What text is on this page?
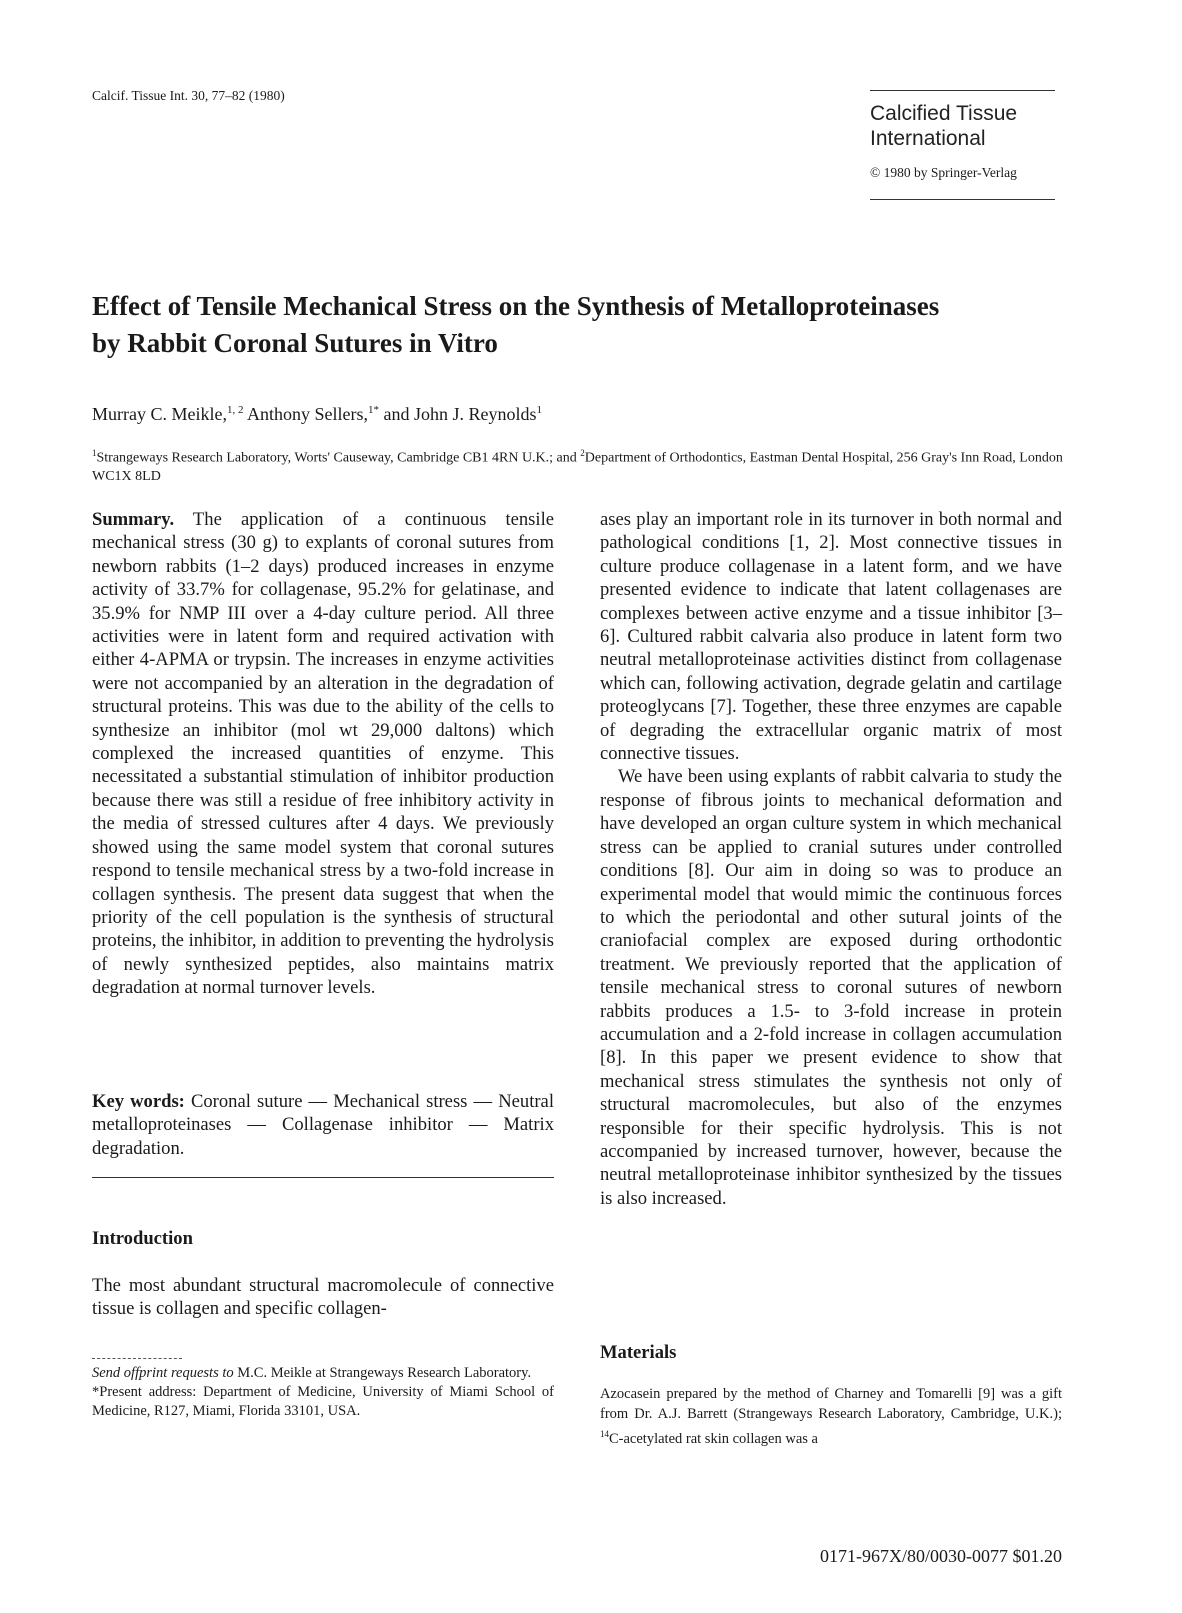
Calcif. Tissue Int. 30, 77–82 (1980)
Calcified Tissue
International
© 1980 by Springer-Verlag
Effect of Tensile Mechanical Stress on the Synthesis of Metalloproteinases
by Rabbit Coronal Sutures in Vitro
Murray C. Meikle,$^{1, 2}$ Anthony Sellers,$^{1*}$ and John J. Reynolds$^1$
$^1$Strangeways Research Laboratory, Worts' Causeway, Cambridge CB1 4RN U.K.; and $^2$Department of Orthodontics, Eastman Dental Hospital, 256 Gray's Inn Road, London WC1X 8LD

Summary. The application of a continuous tensile mechanical stress (30 g) to explants of coronal sutures from newborn rabbits (1–2 days) produced increases in enzyme activity of 33.7% for collagenase, 95.2% for gelatinase, and 35.9% for NMP III over a 4-day culture period. All three activities were in latent form and required activation with either 4-APMA or trypsin. The increases in enzyme activities were not accompanied by an alteration in the degradation of structural proteins. This was due to the ability of the cells to synthesize an inhibitor (mol wt 29,000 daltons) which complexed the increased quantities of enzyme. This necessitated a substantial stimulation of inhibitor production because there was still a residue of free inhibitory activity in the media of stressed cultures after 4 days. We previously showed using the same model system that coronal sutures respond to tensile mechanical stress by a two-fold increase in collagen synthesis. The present data suggest that when the priority of the cell population is the synthesis of structural proteins, the inhibitor, in addition to preventing the hydrolysis of newly synthesized peptides, also maintains matrix degradation at normal turnover levels.

Key words: Coronal suture — Mechanical stress — Neutral metalloproteinases — Collagenase inhibitor — Matrix degradation.

Introduction

The most abundant structural macromolecule of connective tissue is collagen and specific collagen-

Send offprint requests to M.C. Meikle at Strangeways Research Laboratory.

*Present address: Department of Medicine, University of Miami School of Medicine, R127, Miami, Florida 33101, USA.

ases play an important role in its turnover in both normal and pathological conditions [1, 2]. Most connective tissues in culture produce collagenase in a latent form, and we have presented evidence to indicate that latent collagenases are complexes between active enzyme and a tissue inhibitor [3–6]. Cultured rabbit calvaria also produce in latent form two neutral metalloproteinase activities distinct from collagenase which can, following activation, degrade gelatin and cartilage proteoglycans [7]. Together, these three enzymes are capable of degrading the extracellular organic matrix of most connective tissues.

We have been using explants of rabbit calvaria to study the response of fibrous joints to mechanical deformation and have developed an organ culture system in which mechanical stress can be applied to cranial sutures under controlled conditions [8]. Our aim in doing so was to produce an experimental model that would mimic the continuous forces to which the periodontal and other sutural joints of the craniofacial complex are exposed during orthodontic treatment. We previously reported that the application of tensile mechanical stress to coronal sutures of newborn rabbits produces a 1.5- to 3-fold increase in protein accumulation and a 2-fold increase in collagen accumulation [8]. In this paper we present evidence to show that mechanical stress stimulates the synthesis not only of structural macromolecules, but also of the enzymes responsible for their specific hydrolysis. This is not accompanied by increased turnover, however, because the neutral metalloproteinase inhibitor synthesized by the tissues is also increased.

Materials
Azocasein prepared by the method of Charney and Tomarelli [9] was a gift from Dr. A.J. Barrett (Strangeways Research Laboratory, Cambridge, U.K.); $^{14}$C-acetylated rat skin collagen was a
0171-967X/80/0030-0077 $01.20
